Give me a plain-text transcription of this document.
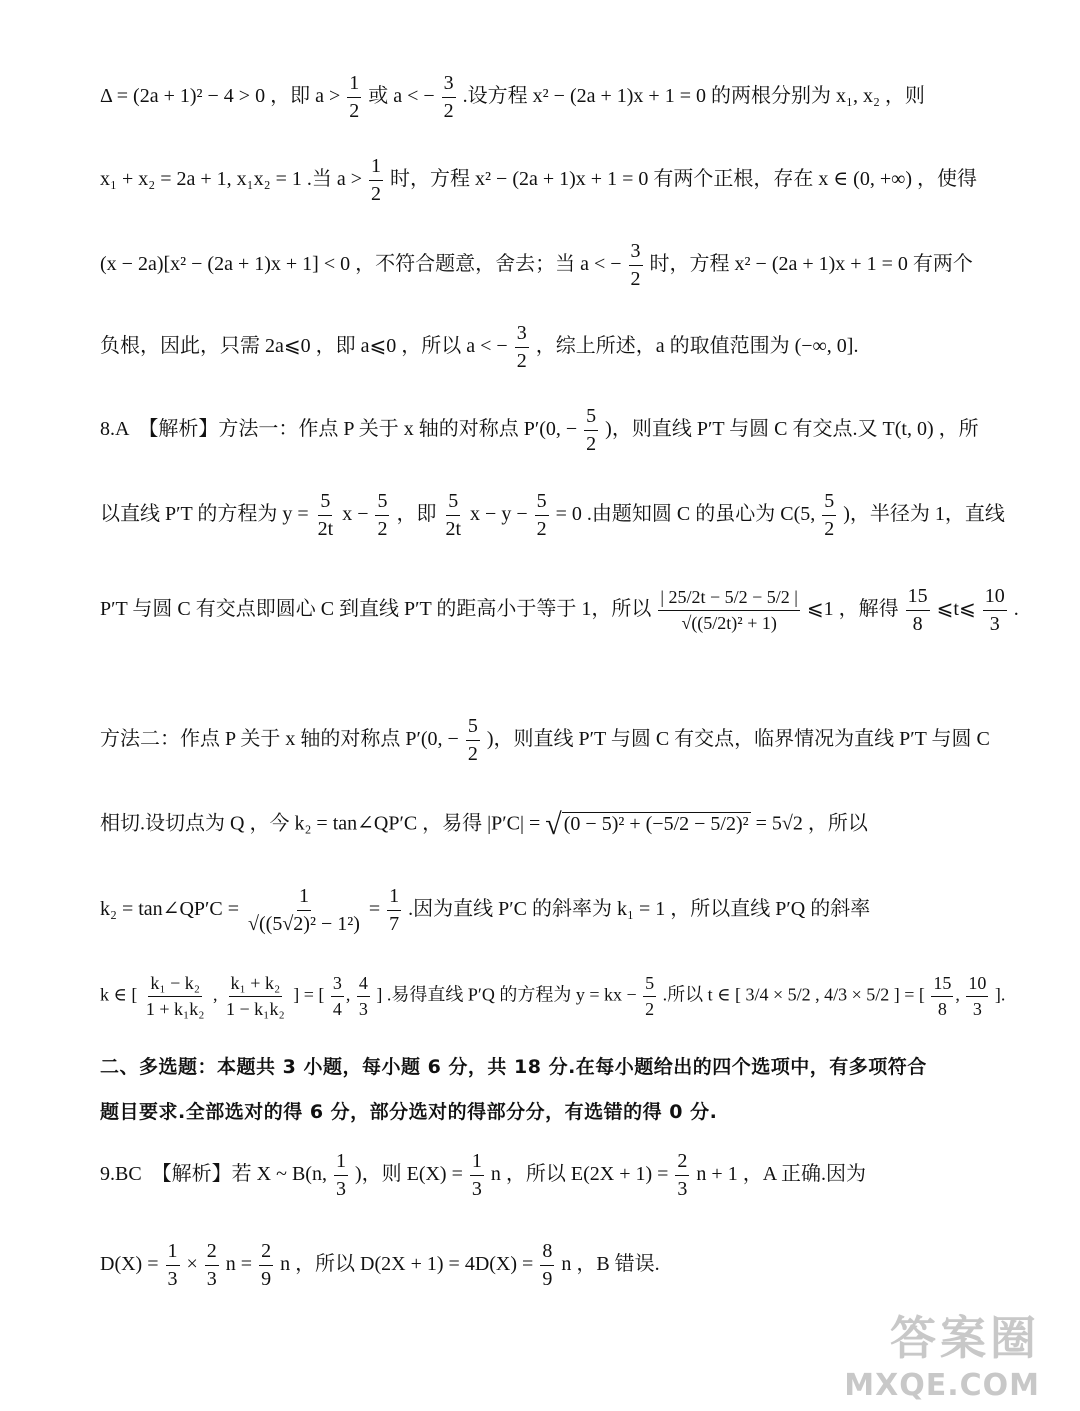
Δ = (2a + 1)² − 4 > 0 ，即 $a > \frac{1}{2}$ 或 a < − $\frac{3}{2}$ .设方程 x² − (2a + 1)x + 1 = 0 的两根分别为 x₁, x₂ ，则
x₁ + x₂ = 2a + 1, x₁x₂ = 1 .当 $a > \frac{1}{2}$ 时，方程 x² − (2a + 1)x + 1 = 0 有两个正根，存在 x ∈ (0, +∞) ，使得
(x − 2a)[x² − (2a + 1)x + 1] < 0 ，不符合题意，舍去；当 a < − $\frac{3}{2}$ 时，方程 x² − (2a + 1)x + 1 = 0 有两个
负根，因此，只需 2a⩽0 ，即 a⩽0 ，所以 a < − $\frac{3}{2}$ ，综上所述，a 的取值范围为 (−∞, 0].
8.A　【解析】方法一：作点 P 关于 x 轴的对称点 P′(0, − $\frac{5}{2}$ )，则直线 P′T 与圆 C 有交点.又 T(t, 0) ，所
以直线 P′T 的方程为 $y = \frac{5}{2t}$ $x - \frac{5}{2}$ ，即 $\frac{5}{2t}$ $x - y - \frac{5}{2} = 0$ .由题知圆 C 的虽心为 C(5, $\frac{5}{2}$ )，半径为 1，直线
P′T 与圆 C 有交点即圆心 C 到直线 P′T 的距高小于等于 1，所以 $\frac{| 25/2t - 5/2 - 5/2 |}{\text{√((5/2t)² + 1)}}$ ⩽1 ，解得 $\frac{15}{8}$ ⩽t⩽ $\frac{10}{3}$ .
方法二：作点 P 关于 x 轴的对称点 P′(0, − $\frac{5}{2}$ )，则直线 P′T 与圆 C 有交点，临界情况为直线 P′T 与圆 C
相切.设切点为 Q ，今 k₂ = tan∠QP′C ，易得 |P′C| = √ (0 − 5)² + (−5/2 − 5/2)² = 5√2 ，所以
k₂ = tan∠QP′C = $\frac{1}{\text{√((5√2)² − 1²)}} = \frac{1}{7}$ .因为直线 P′C 的斜率为 k₁ = 1 ，所以直线 P′Q 的斜率
k ∈ [ $\frac{\text{k₁ − k₂}}{\text{1 + k₁k₂}}$ , $\frac{\text{k₁ + k₂}}{\text{1 − k₁k₂}}$ ] = [ $\frac{3}{4}$ , $\frac{4}{3}$ ] .易得直线 P′Q 的方程为 y = kx − $\frac{5}{2}$ .所以 t ∈ [ 3/4 × 5/2 , 4/3 × 5/2 ] = [ $\frac{15}{8}$ , $\frac{10}{3}$ ].
二、多选题：本题共 3 小题，每小题 6 分，共 18 分.在每小题给出的四个选项中，有多项符合
题目要求.全部选对的得 6 分，部分选对的得部分分，有选错的得 0 分.
9.BC　【解析】若 X ~ B(n, $\frac{1}{3}$ )，则 $E(X) = \frac{1}{3}$ n ，所以 $E(2X + 1) = \frac{2}{3}$ n + 1 ，A 正确.因为
$D(X) = \frac{1}{3} \times \frac{2}{3}$ $n = \frac{2}{9}$ n ，所以 $D(2X + 1) = 4D(X) = \frac{8}{9}$ n ，B 错误.
答案圈
MXQE.COM
